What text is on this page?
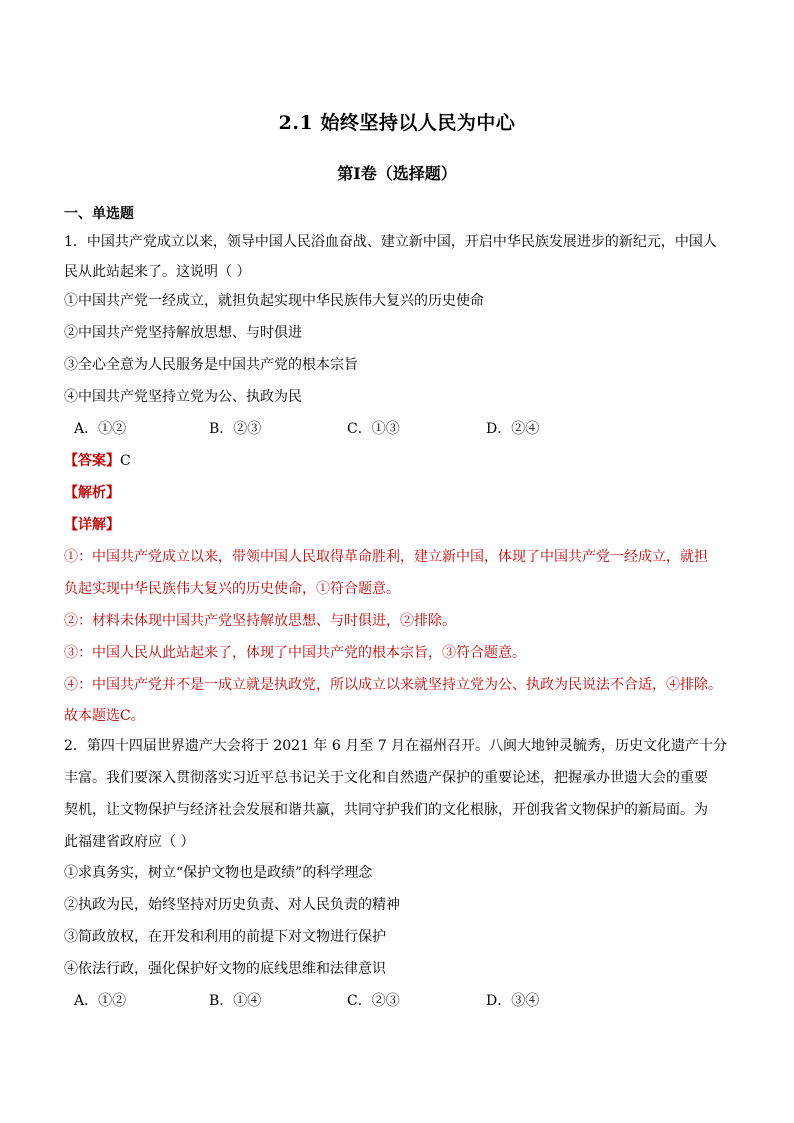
2.1 始终坚持以人民为中心
第I卷（选择题）
一、单选题
1．中国共产党成立以来，领导中国人民浴血奋战、建立新中国，开启中华民族发展进步的新纪元，中国人
民从此站起来了。这说明（ ）
①中国共产党一经成立，就担负起实现中华民族伟大复兴的历史使命
②中国共产党坚持解放思想、与时俱进
③全心全意为人民服务是中国共产党的根本宗旨
④中国共产党坚持立党为公、执政为民
A．①②	B．②③	C．①③	D．②④
【答案】C
【解析】
【详解】
①：中国共产党成立以来，带领中国人民取得革命胜利，建立新中国，体现了中国共产党一经成立，就担
负起实现中华民族伟大复兴的历史使命，①符合题意。
②：材料未体现中国共产党坚持解放思想、与时俱进，②排除。
③：中国人民从此站起来了，体现了中国共产党的根本宗旨，③符合题意。
④：中国共产党并不是一成立就是执政党，所以成立以来就坚持立党为公、执政为民说法不合适，④排除。
故本题选C。
2．第四十四届世界遗产大会将于 2021 年 6 月至 7 月在福州召开。八闽大地钟灵毓秀，历史文化遗产十分
丰富。我们要深入贯彻落实习近平总书记关于文化和自然遗产保护的重要论述，把握承办世遗大会的重要
契机，让文物保护与经济社会发展和谐共赢，共同守护我们的文化根脉，开创我省文物保护的新局面。为
此福建省政府应（ ）
①求真务实，树立“保护文物也是政绩”的科学理念
②执政为民，始终坚持对历史负责、对人民负责的精神
③简政放权，在开发和利用的前提下对文物进行保护
④依法行政，强化保护好文物的底线思维和法律意识
A．①②	B．①④	C．②③	D．③④
